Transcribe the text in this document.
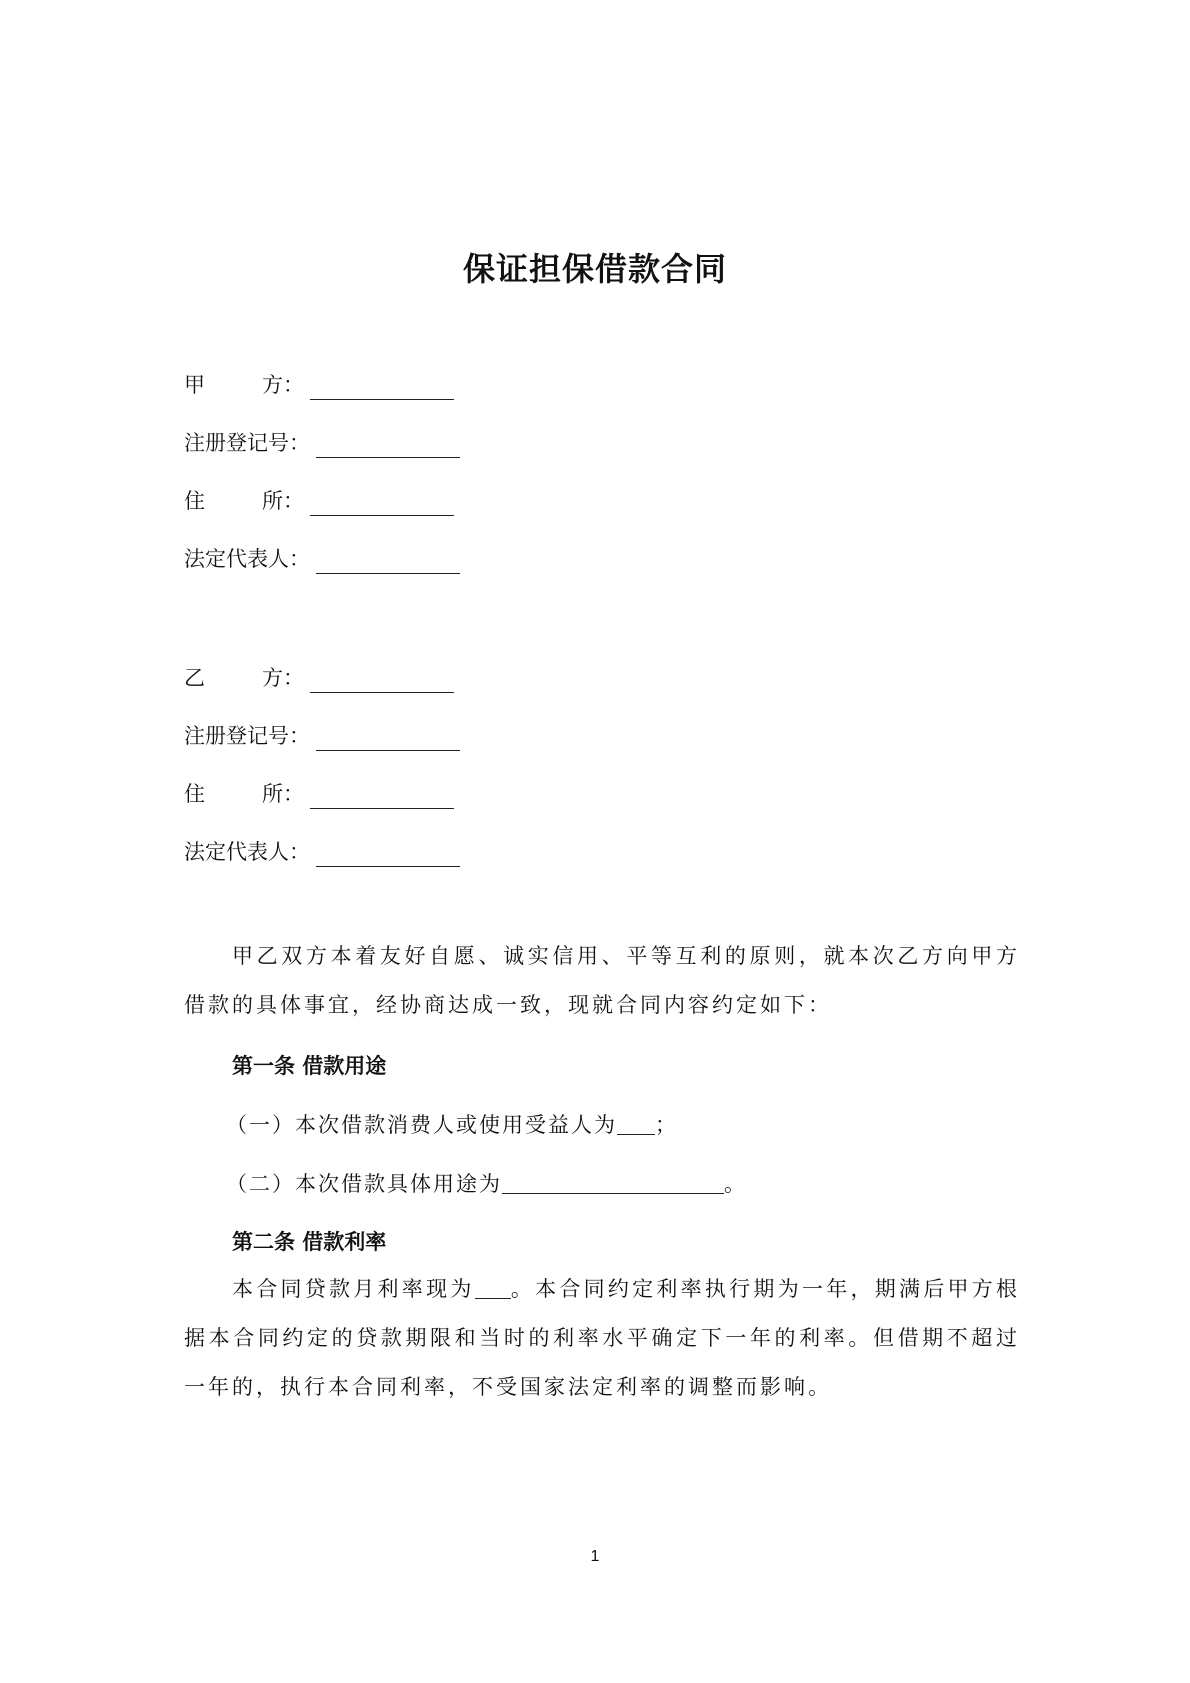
保证担保借款合同
甲	方：
注册登记号：
住	所：
法定代表人：
乙	方：
注册登记号：
住	所：
法定代表人：
甲乙双方本着友好自愿、诚实信用、平等互利的原则，就本次乙方向甲方借款的具体事宜，经协商达成一致，现就合同内容约定如下：
第一条 借款用途
（一）本次借款消费人或使用受益人为 ；
（二）本次借款具体用途为	。
第二条 借款利率
本合同贷款月利率现为 。本合同约定利率执行期为一年，期满后甲方根据本合同约定的贷款期限和当时的利率水平确定下一年的利率。但借期不超过一年的，执行本合同利率，不受国家法定利率的调整而影响。
1
